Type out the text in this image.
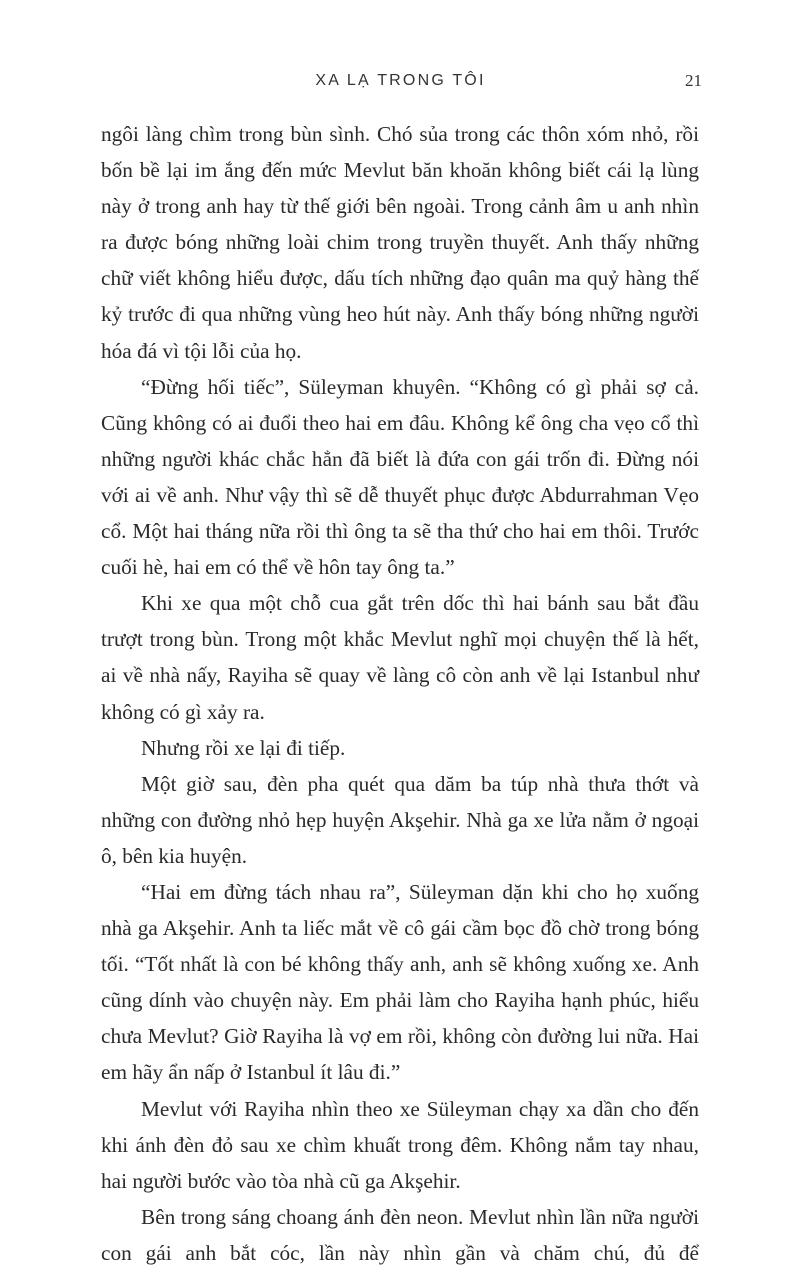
XA LẠ TRONG TÔI	21

ngôi làng chìm trong bùn sình. Chó sủa trong các thôn xóm nhỏ, rồi bốn bề lại im ắng đến mức Mevlut băn khoăn không biết cái lạ lùng này ở trong anh hay từ thế giới bên ngoài. Trong cảnh âm u anh nhìn ra được bóng những loài chim trong truyền thuyết. Anh thấy những chữ viết không hiểu được, dấu tích những đạo quân ma quỷ hàng thế kỷ trước đi qua những vùng heo hút này. Anh thấy bóng những người hóa đá vì tội lỗi của họ.

“Đừng hối tiếc”, Süleyman khuyên. “Không có gì phải sợ cả. Cũng không có ai đuổi theo hai em đâu. Không kể ông cha vẹo cổ thì những người khác chắc hẳn đã biết là đứa con gái trốn đi. Đừng nói với ai về anh. Như vậy thì sẽ dễ thuyết phục được Abdurrahman Vẹo cổ. Một hai tháng nữa rồi thì ông ta sẽ tha thứ cho hai em thôi. Trước cuối hè, hai em có thể về hôn tay ông ta.”

Khi xe qua một chỗ cua gắt trên dốc thì hai bánh sau bắt đầu trượt trong bùn. Trong một khắc Mevlut nghĩ mọi chuyện thế là hết, ai về nhà nấy, Rayiha sẽ quay về làng cô còn anh về lại Istanbul như không có gì xảy ra.

Nhưng rồi xe lại đi tiếp.

Một giờ sau, đèn pha quét qua dăm ba túp nhà thưa thớt và những con đường nhỏ hẹp huyện Akşehir. Nhà ga xe lửa nằm ở ngoại ô, bên kia huyện.

“Hai em đừng tách nhau ra”, Süleyman dặn khi cho họ xuống nhà ga Akşehir. Anh ta liếc mắt về cô gái cầm bọc đồ chờ trong bóng tối. “Tốt nhất là con bé không thấy anh, anh sẽ không xuống xe. Anh cũng dính vào chuyện này. Em phải làm cho Rayiha hạnh phúc, hiểu chưa Mevlut? Giờ Rayiha là vợ em rồi, không còn đường lui nữa. Hai em hãy ẩn nấp ở Istanbul ít lâu đi.”

Mevlut với Rayiha nhìn theo xe Süleyman chạy xa dần cho đến khi ánh đèn đỏ sau xe chìm khuất trong đêm. Không nắm tay nhau, hai người bước vào tòa nhà cũ ga Akşehir.

Bên trong sáng choang ánh đèn neon. Mevlut nhìn lần nữa người con gái anh bắt cóc, lần này nhìn gần và chăm chú, đủ để
